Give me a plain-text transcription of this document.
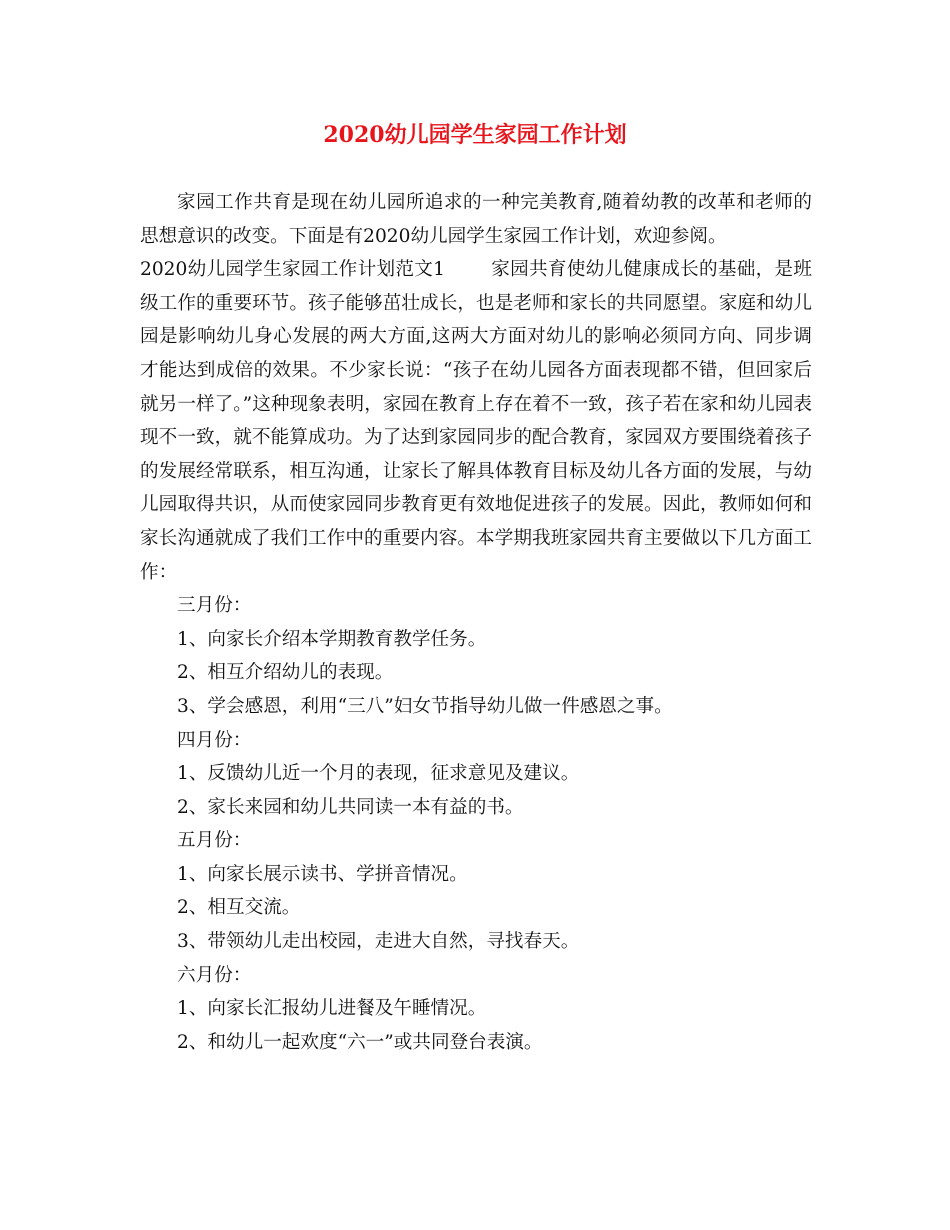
2020幼儿园学生家园工作计划

家园工作共育是现在幼儿园所追求的一种完美教育,随着幼教的改革和老师的思想意识的改变。下面是有2020幼儿园学生家园工作计划，欢迎参阅。

2020幼儿园学生家园工作计划范文1 家园共育使幼儿健康成长的基础，是班级工作的重要环节。孩子能够茁壮成长，也是老师和家长的共同愿望。家庭和幼儿园是影响幼儿身心发展的两大方面,这两大方面对幼儿的影响必须同方向、同步调才能达到成倍的效果。不少家长说：“孩子在幼儿园各方面表现都不错，但回家后就另一样了。”这种现象表明，家园在教育上存在着不一致，孩子若在家和幼儿园表现不一致，就不能算成功。为了达到家园同步的配合教育，家园双方要围绕着孩子的发展经常联系，相互沟通，让家长了解具体教育目标及幼儿各方面的发展，与幼儿园取得共识，从而使家园同步教育更有效地促进孩子的发展。因此，教师如何和家长沟通就成了我们工作中的重要内容。本学期我班家园共育主要做以下几方面工作：

三月份：

1、向家长介绍本学期教育教学任务。

2、相互介绍幼儿的表现。

3、学会感恩，利用“三八”妇女节指导幼儿做一件感恩之事。

四月份：

1、反馈幼儿近一个月的表现，征求意见及建议。

2、家长来园和幼儿共同读一本有益的书。

五月份：

1、向家长展示读书、学拼音情况。

2、相互交流。

3、带领幼儿走出校园，走进大自然，寻找春天。

六月份：

1、向家长汇报幼儿进餐及午睡情况。

2、和幼儿一起欢度“六一”或共同登台表演。
